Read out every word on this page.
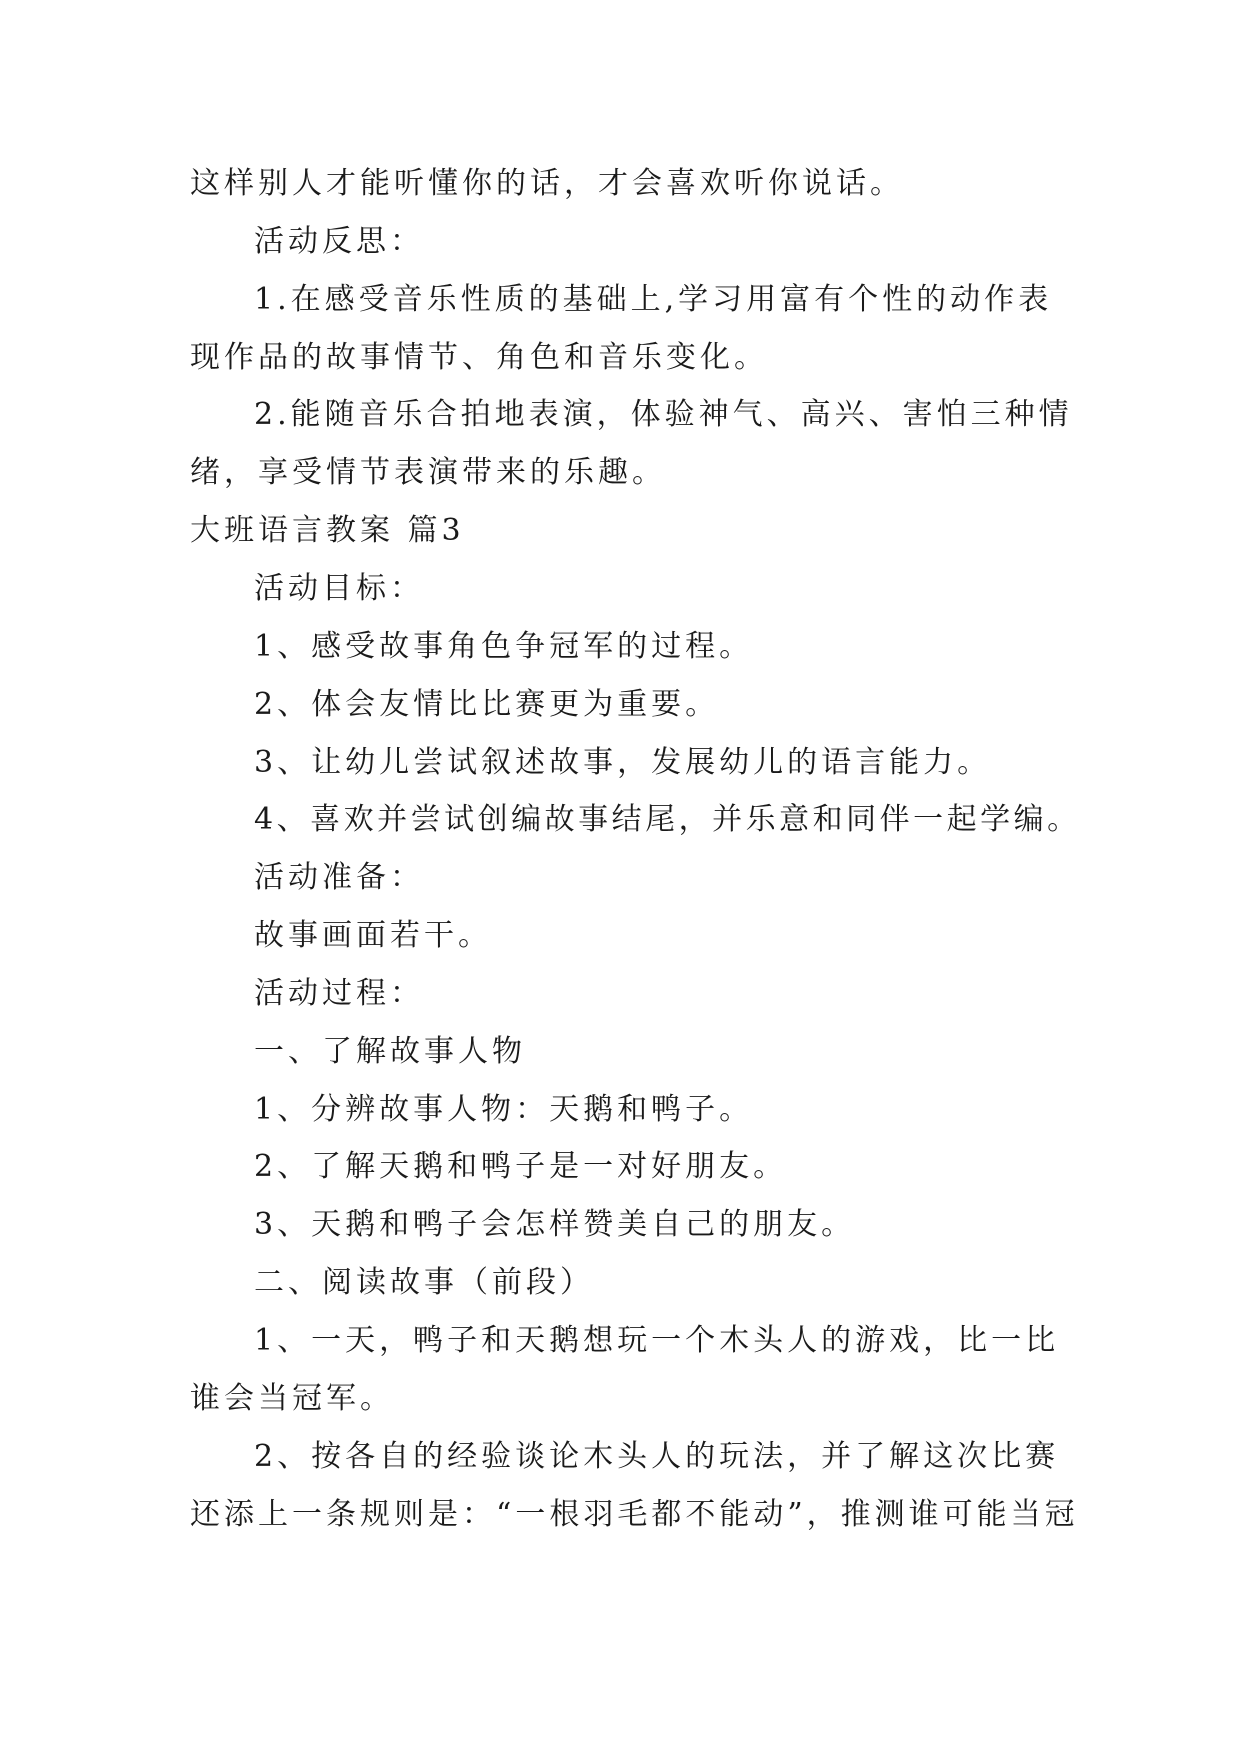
这样别人才能听懂你的话，才会喜欢听你说话。
活动反思：
1.在感受音乐性质的基础上,学习用富有个性的动作表
现作品的故事情节、角色和音乐变化。
2.能随音乐合拍地表演，体验神气、高兴、害怕三种情
绪，享受情节表演带来的乐趣。
大班语言教案 篇3
活动目标：
1、感受故事角色争冠军的过程。
2、体会友情比比赛更为重要。
3、让幼儿尝试叙述故事，发展幼儿的语言能力。
4、喜欢并尝试创编故事结尾，并乐意和同伴一起学编。
活动准备：
故事画面若干。
活动过程：
一、了解故事人物
1、分辨故事人物：天鹅和鸭子。
2、了解天鹅和鸭子是一对好朋友。
3、天鹅和鸭子会怎样赞美自己的朋友。
二、阅读故事（前段）
1、一天，鸭子和天鹅想玩一个木头人的游戏，比一比
谁会当冠军。
2、按各自的经验谈论木头人的玩法，并了解这次比赛
还添上一条规则是：“一根羽毛都不能动”，推测谁可能当冠
